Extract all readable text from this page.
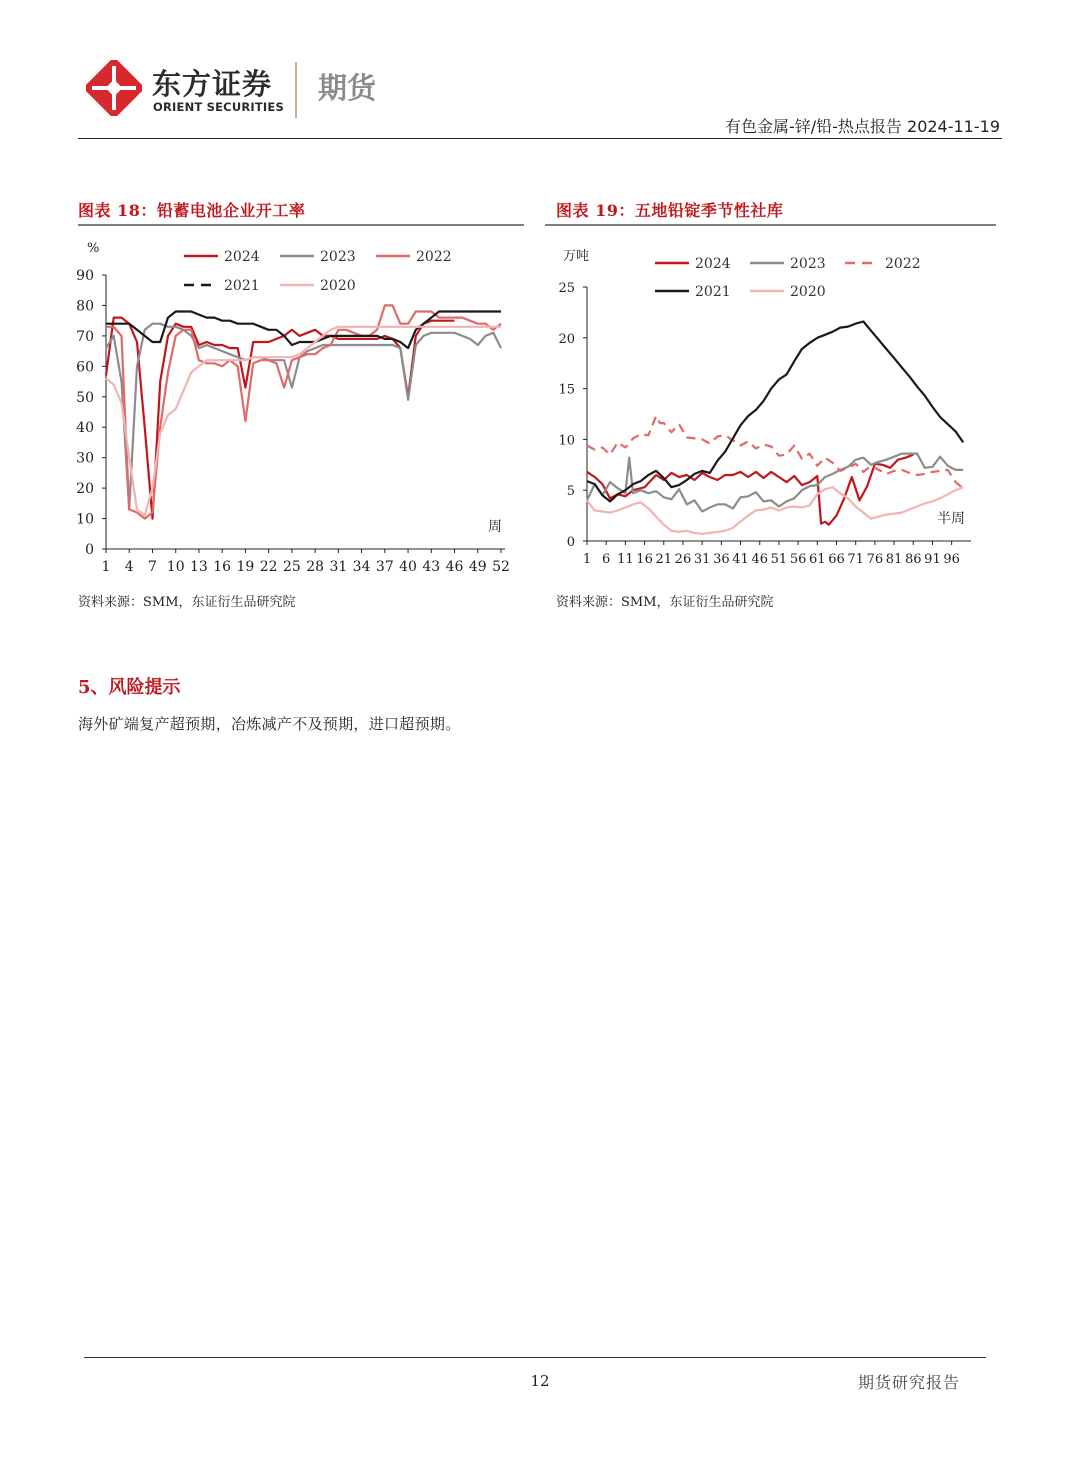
东方证券
ORIENT SECURITIES
期货
有色金属-锌/铅-热点报告 2024-11-19
图表 18：铅蓄电池企业开工率
0
10
20
30
40
50
60
70
80
90
1 4 7 10 13 16 19 22 25 28 31 34 37 40 43 46 49 52
%
周
2024	2023	2022
2021	2020
资料来源：SMM，东证衍生品研究院
图表 19：五地铅锭季节性社库
0
5
10
15
20
25
1 6 11 16 21 26 31 36 41 46 51 56 61 66 71 76 81 86 91 96
万吨
半周
2024	2023	2022
2021	2020
资料来源：SMM，东证衍生品研究院
5、风险提示
海外矿端复产超预期，冶炼减产不及预期，进口超预期。
12	期货研究报告
